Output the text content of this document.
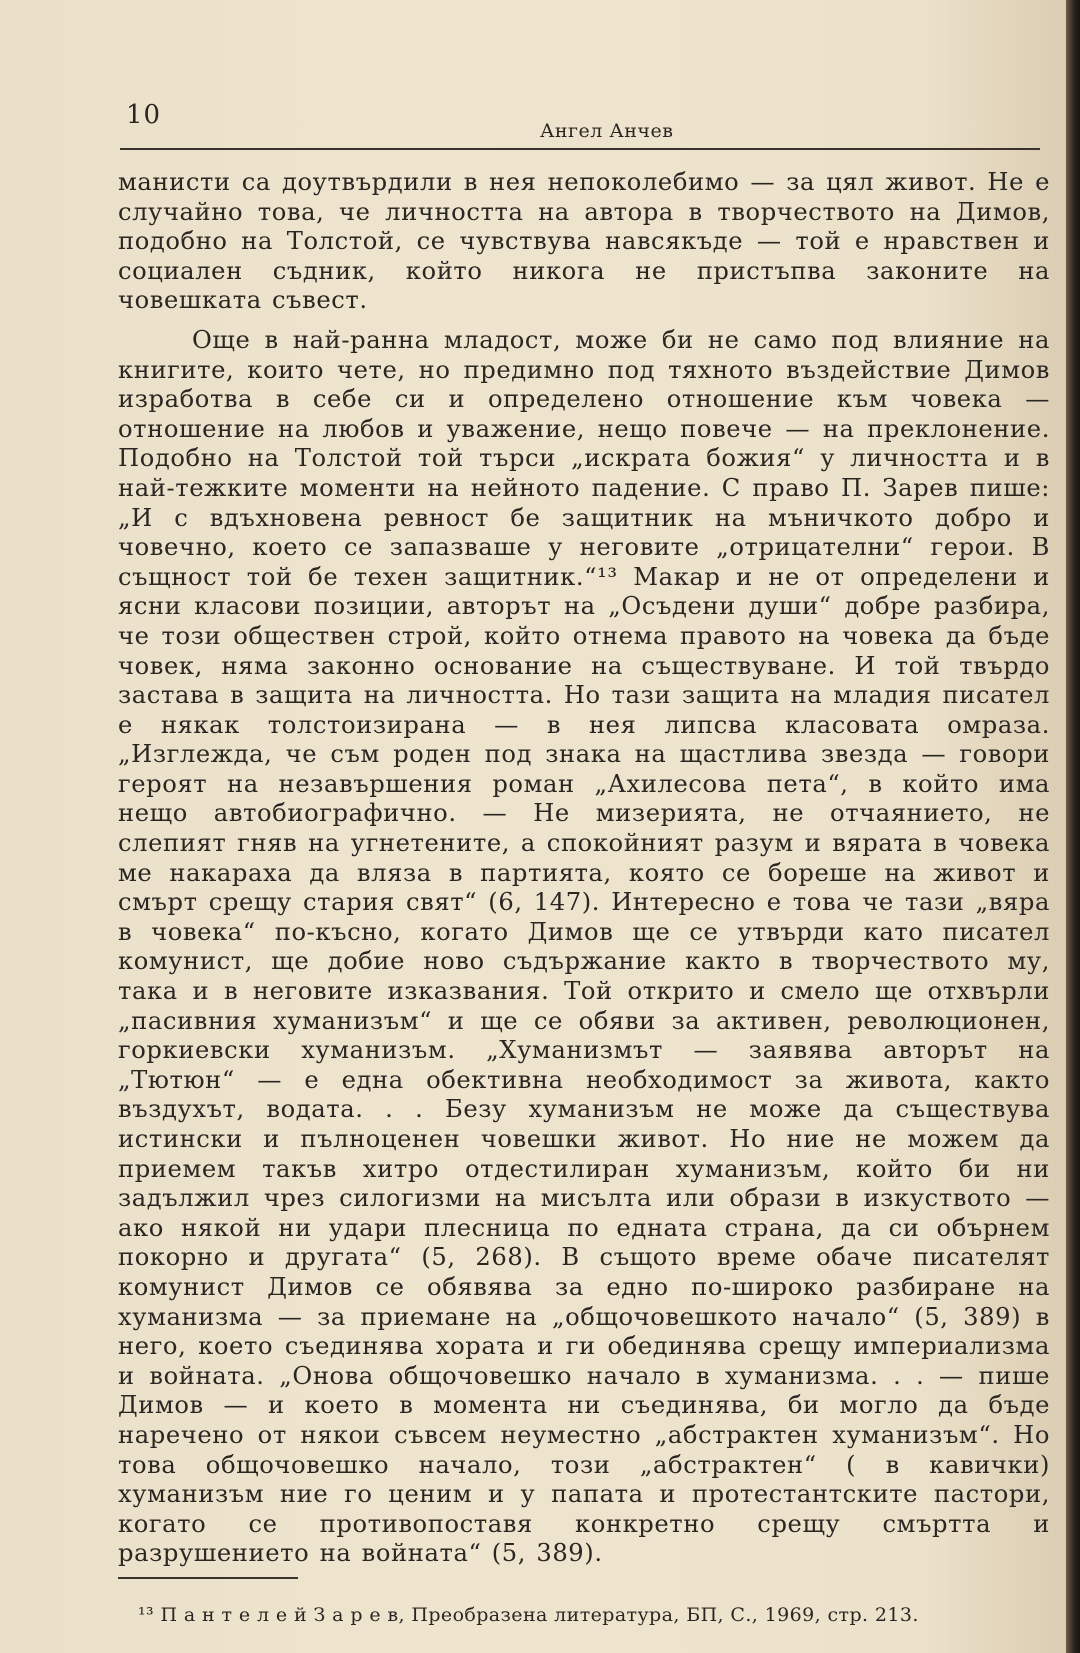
10
Ангел Анчев

манисти са доутвърдили в нея непоколебимо — за цял живот. Не е случайно това, че личността на автора в творчеството на Димов, подобно на Толстой, се чувствува навсякъде — той е нравствен и социален съдник, който никога не пристъпва законите на човешката съвест.

Още в най-ранна младост, може би не само под влияние на книгите, които чете, но предимно под тяхното въздействие Димов изработва в себе си и определено отношение към човека — отношение на любов и уважение, нещо повече — на преклонение. Подобно на Толстой той търси „искрата божия“ у личността и в най-тежките моменти на нейното падение. С право П. Зарев пише: „И с вдъхновена ревност бе защитник на мъничкото добро и човечно, което се запазваше у неговите „отрицателни“ герои. В същност той бе техен защитник.“¹³ Макар и не от определени и ясни класови позиции, авторът на „Осъдени души“ добре разбира, че този обществен строй, който отнема правото на човека да бъде човек, няма законно основание на съществуване. И той твърдо застава в защита на личността. Но тази защита на младия писател е някак толстоизирана — в нея липсва класовата омраза. „Изглежда, че съм роден под знака на щастлива звезда — говори героят на незавършения роман „Ахилесова пета“, в който има нещо автобиографично. — Не мизерията, не отчаянието, не слепият гняв на угнетените, а спокойният разум и вярата в човека ме накараха да вляза в партията, която се бореше на живот и смърт срещу стария свят“ (6, 147). Интересно е това че тази „вяра в човека“ по-късно, когато Димов ще се утвърди като писател комунист, ще добие ново съдържание както в творчеството му, така и в неговите изказвания. Той открито и смело ще отхвърли „пасивния хуманизъм“ и ще се обяви за активен, революционен, горкиевски хуманизъм. „Хуманизмът — заявява авторът на „Тютюн“ — е една обективна необходимост за живота, както въздухът, водата. . . Безу хуманизъм не може да съществува истински и пълноценен човешки живот. Но ние не можем да приемем такъв хитро отдестилиран хуманизъм, който би ни задължил чрез силогизми на мисълта или образи в изкуството — ако някой ни удари плесница по едната страна, да си обърнем покорно и другата“ (5, 268). В същото време обаче писателят комунист Димов се обявява за едно по-широко разбиране на хуманизма — за приемане на „общочовешкото начало“ (5, 389) в него, което съединява хората и ги обединява срещу империализма и войната. „Онова общочовешко начало в хуманизма. . . — пише Димов — и което в момента ни съединява, би могло да бъде наречено от някои съвсем неуместно „абстрактен хуманизъм“. Но това общочовешко начало, този „абстрактен“ ( в кавички) хуманизъм ние го ценим и у папата и протестантските пастори, когато се противопоставя конкретно срещу смъртта и разрушението на войната“ (5, 389).

¹³ П а н т е л е й З а р е в, Преобразена литература, БП, С., 1969, стр. 213.
